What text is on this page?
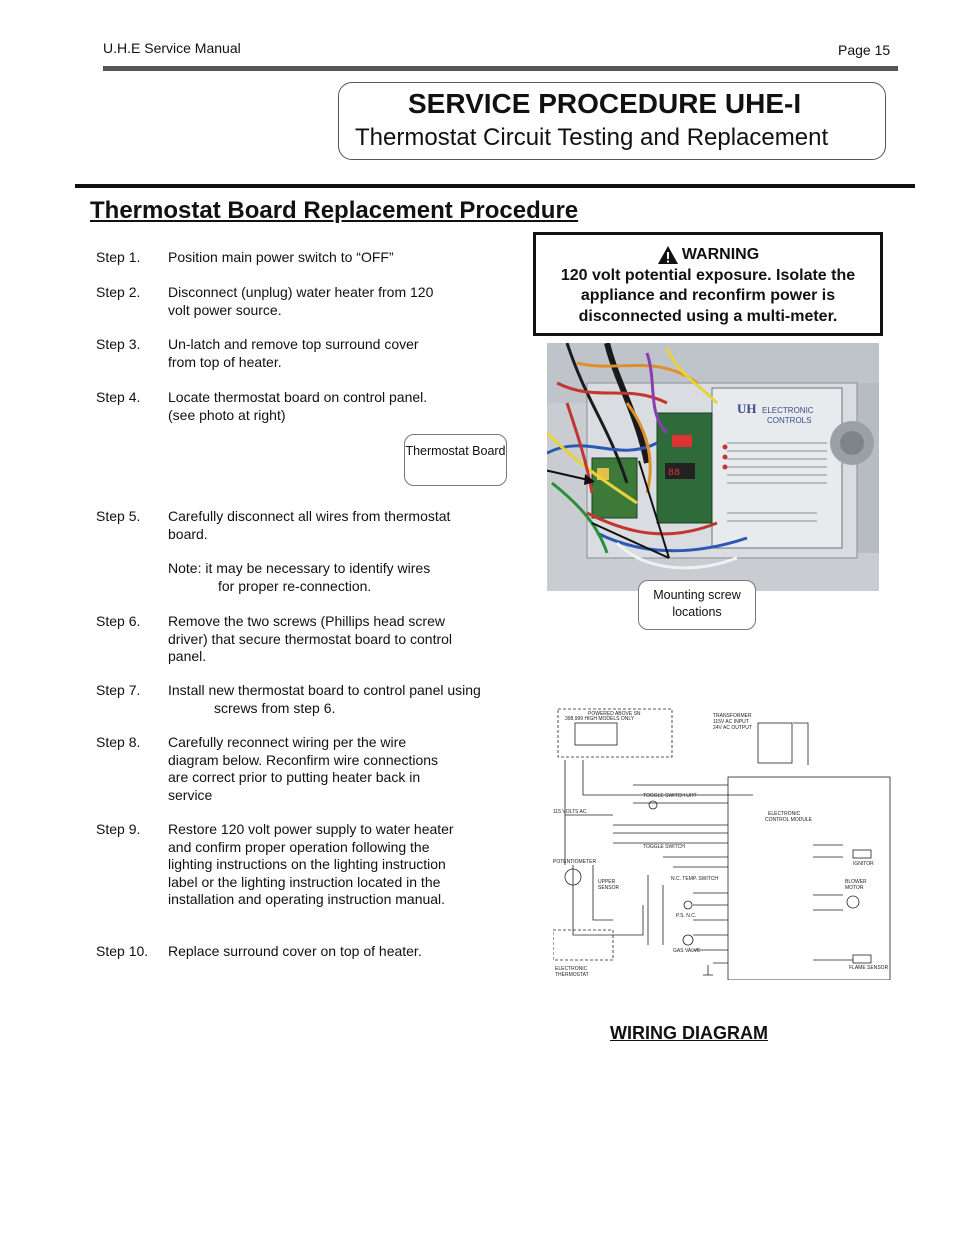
U.H.E Service Manual	Page 15
SERVICE PROCEDURE UHE-I
Thermostat Circuit Testing and Replacement
Thermostat Board Replacement Procedure
Step 1. Position main power switch to “OFF”
Step 2. Disconnect (unplug) water heater from 120 volt power source.
Step 3. Un-latch and remove top surround cover from top of heater.
Step 4. Locate thermostat board on control panel. (see photo at right)
Step 5. Carefully disconnect all wires from thermostat board.
Note: it may be necessary to identify wires
for proper re-connection.
Step 6. Remove the two screws (Phillips head screw driver) that secure thermostat board to control panel.
Step 7. Install new thermostat board to control panel using
screws from step 6.
Step 8. Carefully reconnect wiring per the wire diagram below. Reconfirm wire connections are correct prior to putting heater back in service
Step 9. Restore 120 volt power supply to water heater and confirm proper operation following the lighting instructions on the lighting instruction label or the lighting instruction located in the installation and operating instruction manual.
Step 10. Replace surround cover on top of heater.
WARNING
120 volt potential exposure. Isolate the appliance and reconfirm power is disconnected using a multi-meter.
UH ELECTRONIC
CONTROLS
88
Thermostat Board
Mounting screw locations
POWERED ABOVE SN
398,999 HIGH MODELS ONLY	TRANSFORMER
115V AC INPUT
24V AC OUTPUT
115 VOLTS AC
TOGGLE SWITCH UHT
TOGGLE SWITCH
ELECTRONIC
CONTROL MODULE
POTENTIOMETER
UPPER
SENSOR
N.C. TEMP. SWITCH
P.S. N.C.
GAS VALVE
IGNITOR
BLOWER
MOTOR
FLAME SENSOR
ELECTRONIC
THERMOSTAT
WIRING DIAGRAM
